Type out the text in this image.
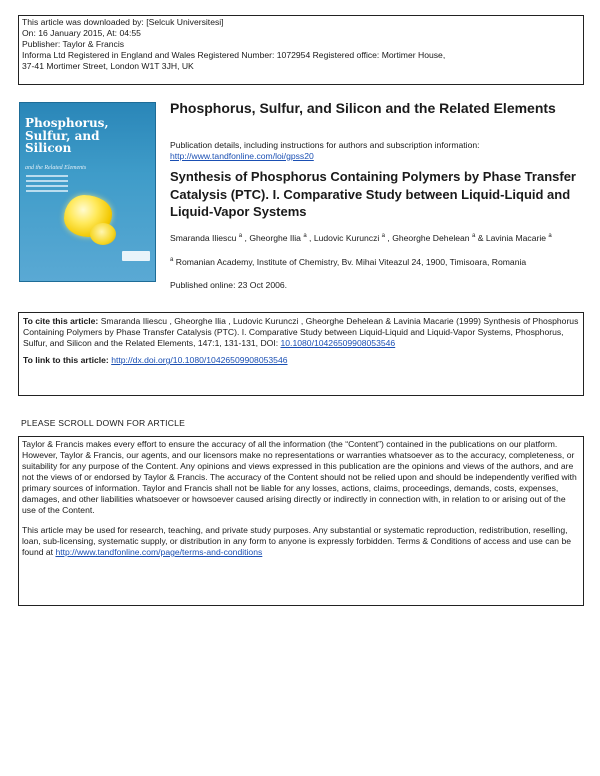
This article was downloaded by: [Selcuk Universitesi]
On: 16 January 2015, At: 04:55
Publisher: Taylor & Francis
Informa Ltd Registered in England and Wales Registered Number: 1072954 Registered office: Mortimer House,
37-41 Mortimer Street, London W1T 3JH, UK
Phosphorus,
Sulfur, and
Silicon
and the Related Elements
Phosphorus, Sulfur, and Silicon and the Related Elements
Publication details, including instructions for authors and subscription information:
http://www.tandfonline.com/loi/gpss20
Synthesis of Phosphorus Containing Polymers by Phase Transfer Catalysis (PTC). I. Comparative Study between Liquid-Liquid and Liquid-Vapor Systems
Smaranda Iliescu $^a$ , Gheorghe Ilia $^a$ , Ludovic Kurunczi $^a$ , Gheorghe Dehelean $^a$ & Lavinia Macarie $^a$
$^a$ Romanian Academy, Institute of Chemistry, Bv. Mihai Viteazul 24, 1900, Timisoara, Romania
Published online: 23 Oct 2006.
To cite this article: Smaranda Iliescu , Gheorghe Ilia , Ludovic Kurunczi , Gheorghe Dehelean & Lavinia Macarie (1999) Synthesis of Phosphorus Containing Polymers by Phase Transfer Catalysis (PTC). I. Comparative Study between Liquid-Liquid and Liquid-Vapor Systems, Phosphorus, Sulfur, and Silicon and the Related Elements, 147:1, 131-131, DOI: 10.1080/10426509908053546
To link to this article: http://dx.doi.org/10.1080/10426509908053546
PLEASE SCROLL DOWN FOR ARTICLE

Taylor & Francis makes every effort to ensure the accuracy of all the information (the “Content”) contained in the publications on our platform. However, Taylor & Francis, our agents, and our licensors make no representations or warranties whatsoever as to the accuracy, completeness, or suitability for any purpose of the Content. Any opinions and views expressed in this publication are the opinions and views of the authors, and are not the views of or endorsed by Taylor & Francis. The accuracy of the Content should not be relied upon and should be independently verified with primary sources of information. Taylor and Francis shall not be liable for any losses, actions, claims, proceedings, demands, costs, expenses, damages, and other liabilities whatsoever or howsoever caused arising directly or indirectly in connection with, in relation to or arising out of the use of the Content.

This article may be used for research, teaching, and private study purposes. Any substantial or systematic reproduction, redistribution, reselling, loan, sub-licensing, systematic supply, or distribution in any form to anyone is expressly forbidden. Terms & Conditions of access and use can be found at http://www.tandfonline.com/page/terms-and-conditions
